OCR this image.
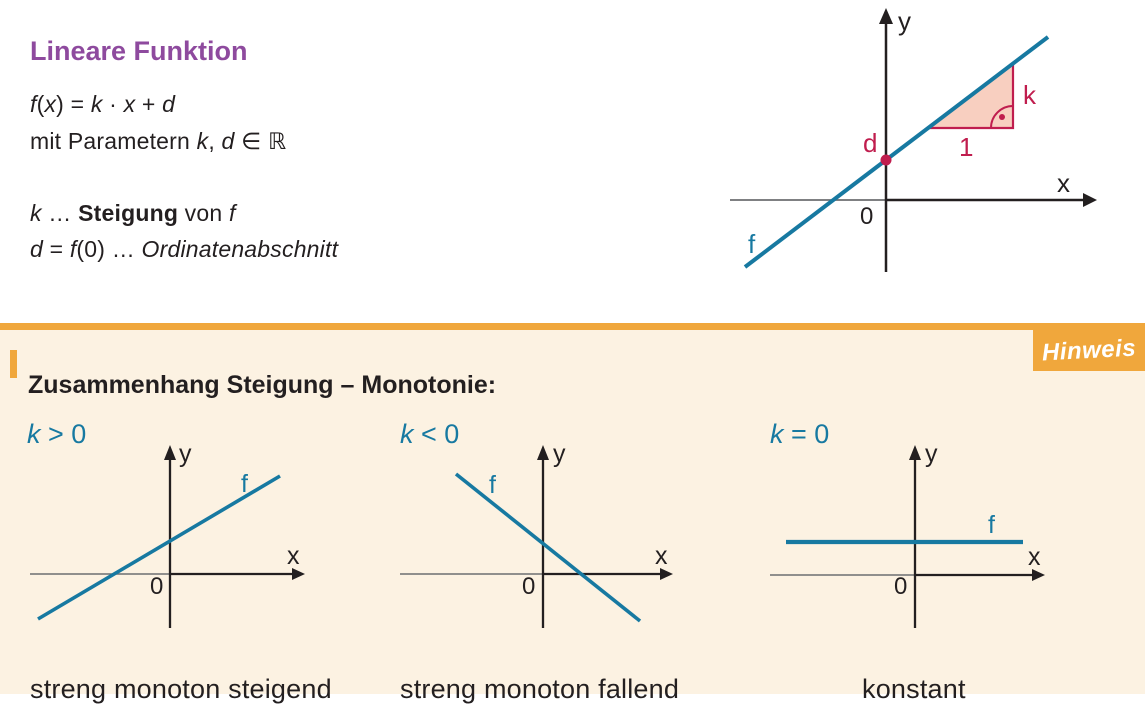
Lineare Funktion

f(x) = k · x + d

mit Parametern k, d ∈ ℝ

k … Steigung von f

d = f(0) … Ordinatenabschnitt

y
x
0
d	1
k
f
Hinweis
Zusammenhang Steigung – Monotonie:

k > 0	k < 0	k = 0

y
x
0
f
y
x
0
f
y
x
0
f

streng monoton steigend	streng monoton fallend	konstant
